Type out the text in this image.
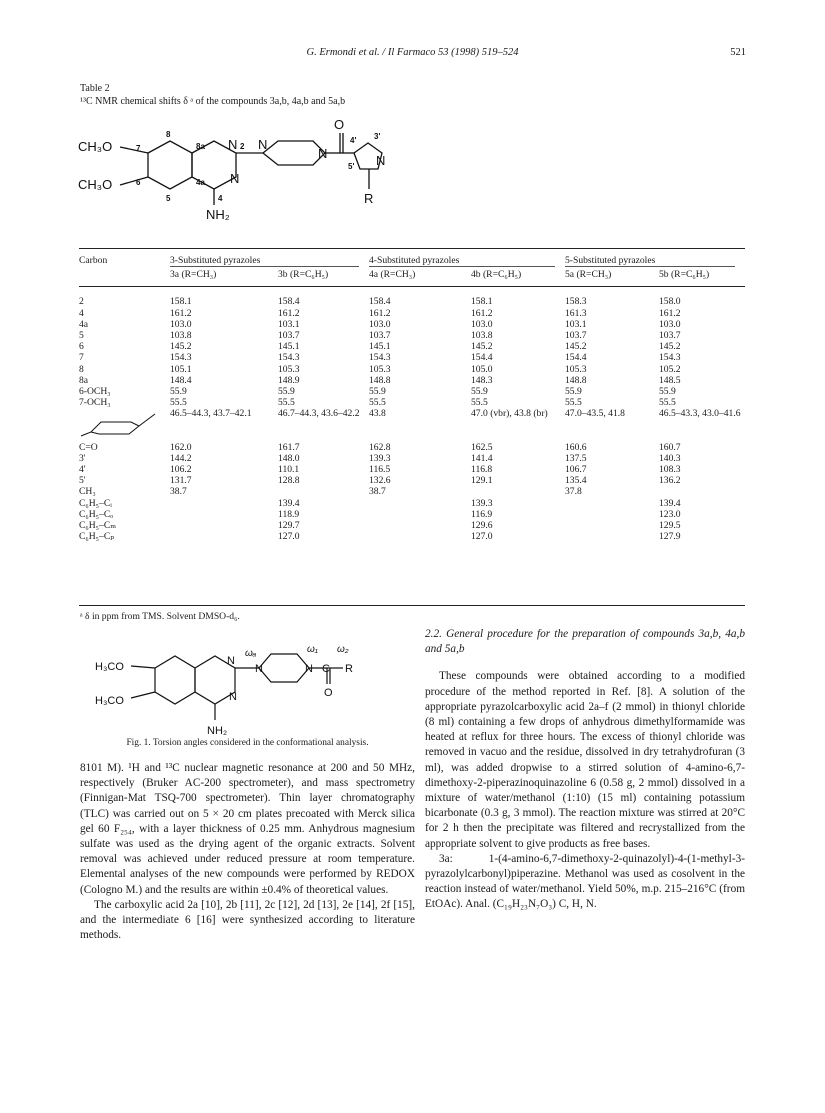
G. Ermondi et al. / Il Farmaco 53 (1998) 519–524	521
Table 2
¹³C NMR chemical shifts δ ᵃ of the compounds 3a,b, 4a,b and 5a,b
CH₃O
CH₃O
NH₂
O
R
N
N
N
N	N
8
8a	2
7
6
5
4a
4
4' 3'
5'
Carbon	3-Substituted pyrazoles		4-Substituted pyrazoles		5-Substituted pyrazoles	
	3a (R=CH₃)	3b (R=C₆H₅)	4a (R=CH₃)	4b (R=C₆H₅)	5a (R=CH₃)	5b (R=C₆H₅)

2	158.1	158.4	158.4	158.1	158.3	158.0
4	161.2	161.2	161.2	161.2	161.3	161.2
4a	103.0	103.1	103.0	103.0	103.1	103.0
5	103.8	103.7	103.7	103.8	103.7	103.7
6	145.2	145.1	145.1	145.2	145.2	145.2
7	154.3	154.3	154.3	154.4	154.4	154.3
8	105.1	105.3	105.3	105.0	105.3	105.2
8a	148.4	148.9	148.8	148.3	148.8	148.5
6-OCH₃	55.9	55.9	55.9	55.9	55.9	55.9
7-OCH₃	55.5	55.5	55.5	55.5	55.5	55.5
	46.5–44.3, 43.7–42.1	46.7–44.3, 43.6–42.2	43.8	47.0 (vbr), 43.8 (br)	47.0–43.5, 41.8	46.5–43.3, 43.0–41.6
C=O	162.0	161.7	162.8	162.5	160.6	160.7
3'	144.2	148.0	139.3	141.4	137.5	140.3
4'	106.2	110.1	116.5	116.8	106.7	108.3
5'	131.7	128.8	132.6	129.1	135.4	136.2
CH₃	38.7		38.7		37.8	
C₆H₅–Cᵢ		139.4		139.3		139.4
C₆H₅–Cₒ		118.9		116.9		123.0
C₆H₅–Cₘ		129.7		129.6		129.5
C₆H₅–Cₚ		127.0		127.0		127.9
ᵃ δ in ppm from TMS. Solvent DMSO-d₆.
H₃CO
H₃CO
NH₂
N
N
N	N
O
R
C
ωₐ	ω₁ ω₂
Fig. 1. Torsion angles considered in the conformational analysis.

8101 M). ¹H and ¹³C nuclear magnetic resonance at 200 and 50 MHz, respectively (Bruker AC-200 spectrometer), and mass spectrometry (Finnigan-Mat TSQ-700 spectrometer). Thin layer chromatography (TLC) was carried out on 5 × 20 cm plates precoated with Merck silica gel 60 F₂₅₄, with a layer thickness of 0.25 mm. Anhydrous magnesium sulfate was used as the drying agent of the organic extracts. Solvent removal was achieved under reduced pressure at room temperature. Elemental analyses of the new compounds were performed by REDOX (Cologno M.) and the results are within ±0.4% of theoretical values.

The carboxylic acid 2a [10], 2b [11], 2c [12], 2d [13], 2e [14], 2f [15], and the intermediate 6 [16] were synthesized according to literature methods.

2.2. General procedure for the preparation of compounds 3a,b, 4a,b and 5a,b

These compounds were obtained according to a modified procedure of the method reported in Ref. [8]. A solution of the appropriate pyrazolcarboxylic acid 2a–f (2 mmol) in thionyl chloride (8 ml) containing a few drops of anhydrous dimethylformamide was heated at reflux for three hours. The excess of thionyl chloride was removed in vacuo and the residue, dissolved in dry tetrahydrofuran (3 ml), was added dropwise to a stirred solution of 4-amino-6,7-dimethoxy-2-piperazinoquinazoline 6 (0.58 g, 2 mmol) dissolved in a mixture of water/methanol (1:10) (15 ml) containing potassium bicarbonate (0.3 g, 3 mmol). The reaction mixture was stirred at 20°C for 2 h then the precipitate was filtered and recrystallized from the appropriate solvent to give products as free bases.

3a: 1-(4-amino-6,7-dimethoxy-2-quinazolyl)-4-(1-methyl-3-pyrazolylcarbonyl)piperazine. Methanol was used as cosolvent in the reaction instead of water/methanol. Yield 50%, m.p. 215–216°C (from EtOAc). Anal. (C₁₉H₂₃N₇O₃) C, H, N.
